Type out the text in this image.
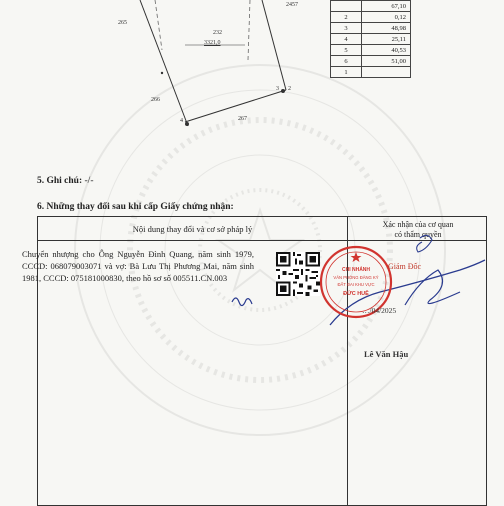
265
2457
266
267
232
3321,0
3 2
4
	67,10
2	0,12
3	48,98
4	25,11
5	40,53
6	51,00
1	
5. Ghi chú: -/-
6. Những thay đổi sau khi cấp Giấy chứng nhận:
Nội dung thay đổi và cơ sở pháp lý	Xác nhận của cơ quan
có thẩm quyền
Chuyển nhượng cho Ông Nguyễn Đình Quang, năm sinh 1979, CCCD: 068079003071 và vợ: Bà Lưu Thị Phương Mai, năm sinh 1981, CCCD: 075181000830, theo hồ sơ số 005511.CN.003
CHI NHÁNH
VĂN PHÒNG ĐĂNG KÝ
ĐẤT ĐAI KHU VỰC
ĐỨC HUỆ
Giám Đốc
…/04/2025
Lê Văn Hậu
